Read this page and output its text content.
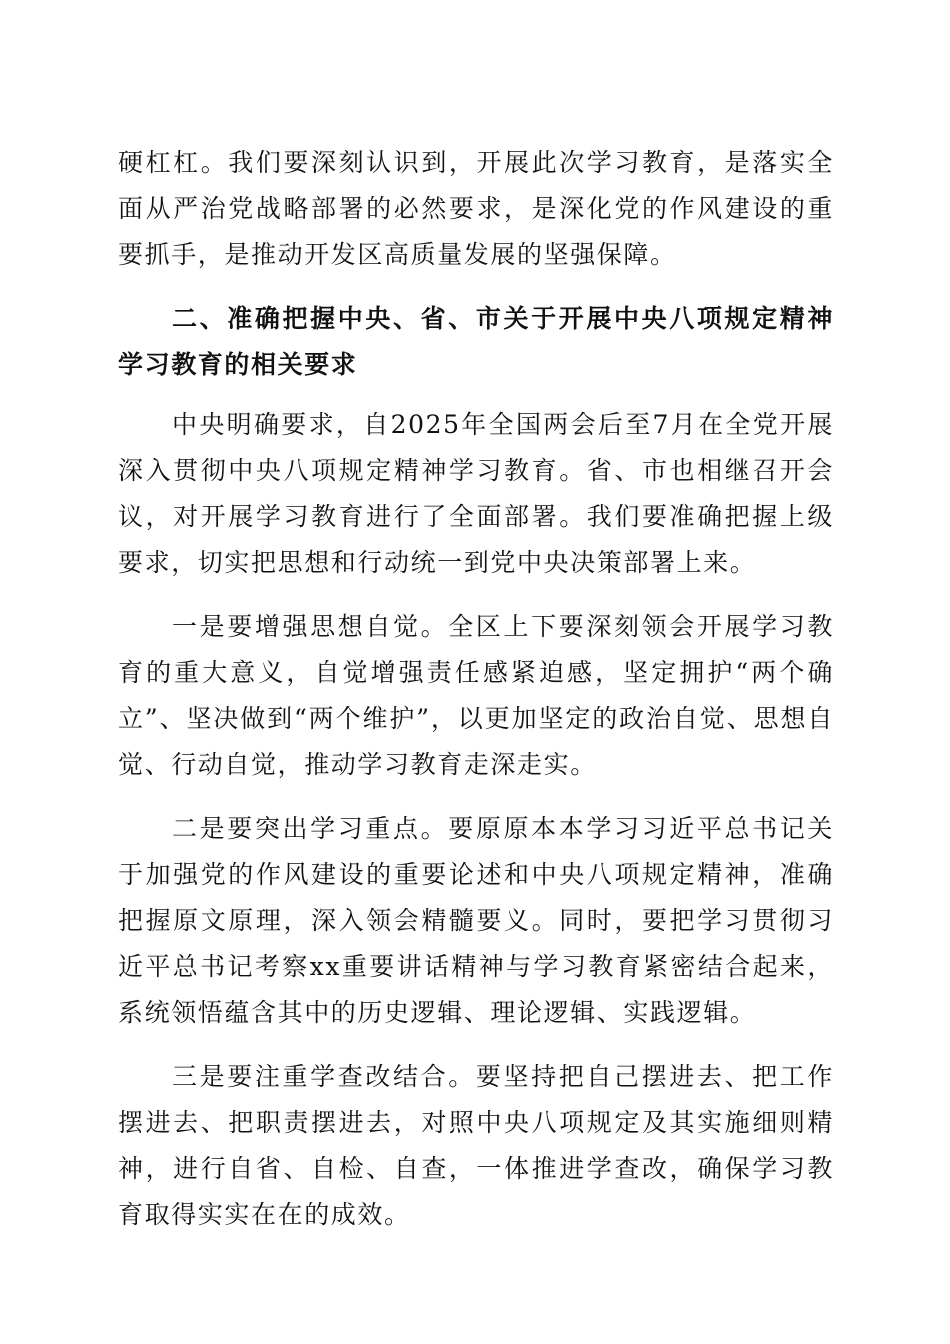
硬杠杠。我们要深刻认识到，开展此次学习教育，是落实全面从严治党战略部署的必然要求，是深化党的作风建设的重要抓手，是推动开发区高质量发展的坚强保障。

二、准确把握中央、省、市关于开展中央八项规定精神学习教育的相关要求

中央明确要求，自2025年全国两会后至7月在全党开展深入贯彻中央八项规定精神学习教育。省、市也相继召开会议，对开展学习教育进行了全面部署。我们要准确把握上级要求，切实把思想和行动统一到党中央决策部署上来。

一是要增强思想自觉。全区上下要深刻领会开展学习教育的重大意义，自觉增强责任感紧迫感，坚定拥护“两个确立”、坚决做到“两个维护”，以更加坚定的政治自觉、思想自觉、行动自觉，推动学习教育走深走实。

二是要突出学习重点。要原原本本学习习近平总书记关于加强党的作风建设的重要论述和中央八项规定精神，准确把握原文原理，深入领会精髓要义。同时，要把学习贯彻习近平总书记考察xx重要讲话精神与学习教育紧密结合起来，系统领悟蕴含其中的历史逻辑、理论逻辑、实践逻辑。

三是要注重学查改结合。要坚持把自己摆进去、把工作摆进去、把职责摆进去，对照中央八项规定及其实施细则精神，进行自省、自检、自查，一体推进学查改，确保学习教育取得实实在在的成效。
